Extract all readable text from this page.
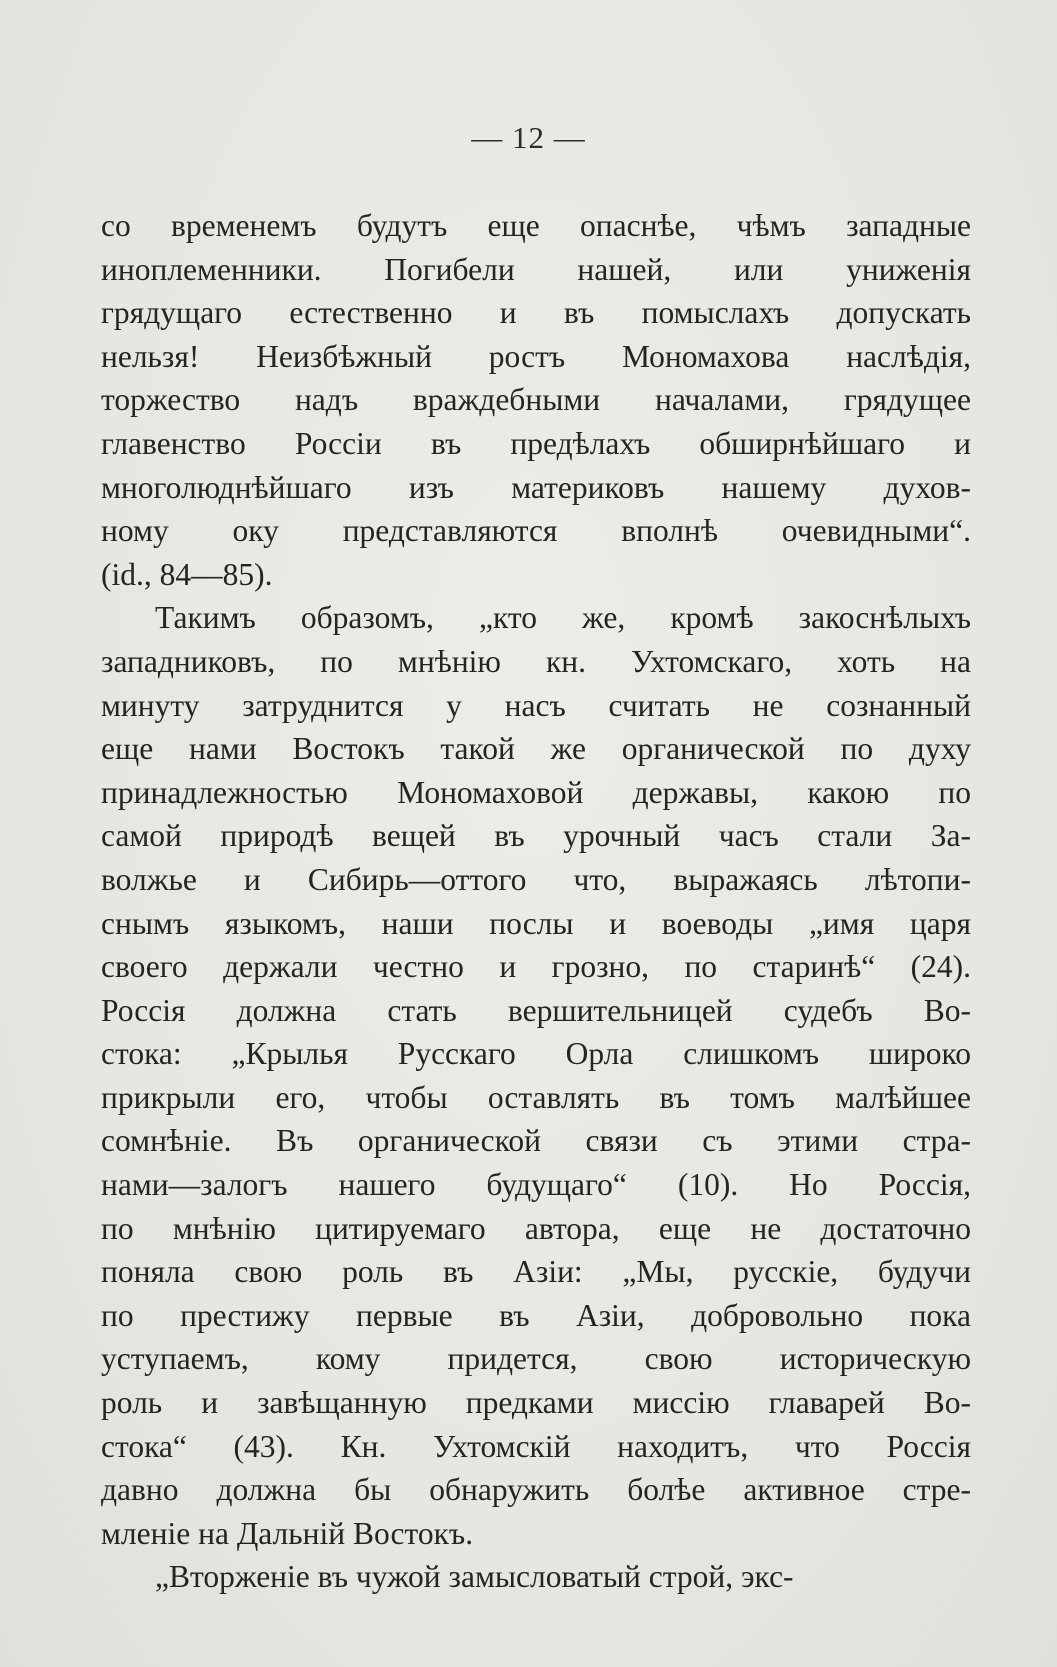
— 12 —
со временемъ будутъ еще опаснѣе, чѣмъ западные
иноплеменники. Погибели нашей, или униженія
грядущаго естественно и въ помыслахъ допускать
нельзя! Неизбѣжный ростъ Мономахова наслѣдія,
торжество надъ враждебными началами, грядущее
главенство Россіи въ предѣлахъ обширнѣйшаго и
многолюднѣйшаго изъ материковъ нашему духов-
ному оку представляются вполнѣ очевидными“.
(id., 84—85).
Такимъ образомъ, „кто же, кромѣ закоснѣлыхъ
западниковъ, по мнѣнію кн. Ухтомскаго, хоть на
минуту затруднится у насъ считать не сознанный
еще нами Востокъ такой же органической по духу
принадлежностью Мономаховой державы, какою по
самой природѣ вещей въ урочный часъ стали За-
волжье и Сибирь—оттого что, выражаясь лѣтопи-
снымъ языкомъ, наши послы и воеводы „имя царя
своего держали честно и грозно, по старинѣ“ (24).
Россія должна стать вершительницей судебъ Во-
стока: „Крылья Русскаго Орла слишкомъ широко
прикрыли его, чтобы оставлять въ томъ малѣйшее
сомнѣніе. Въ органической связи съ этими стра-
нами—залогъ нашего будущаго“ (10). Но Россія,
по мнѣнію цитируемаго автора, еще не достаточно
поняла свою роль въ Азіи: „Мы, русскіе, будучи
по престижу первые въ Азіи, добровольно пока
уступаемъ, кому придется, свою историческую
роль и завѣщанную предками миссію главарей Во-
стока“ (43). Кн. Ухтомскій находитъ, что Россія
давно должна бы обнаружить болѣе активное стре-
мленіе на Дальній Востокъ.
„Вторженіе въ чужой замысловатый строй, экс-
